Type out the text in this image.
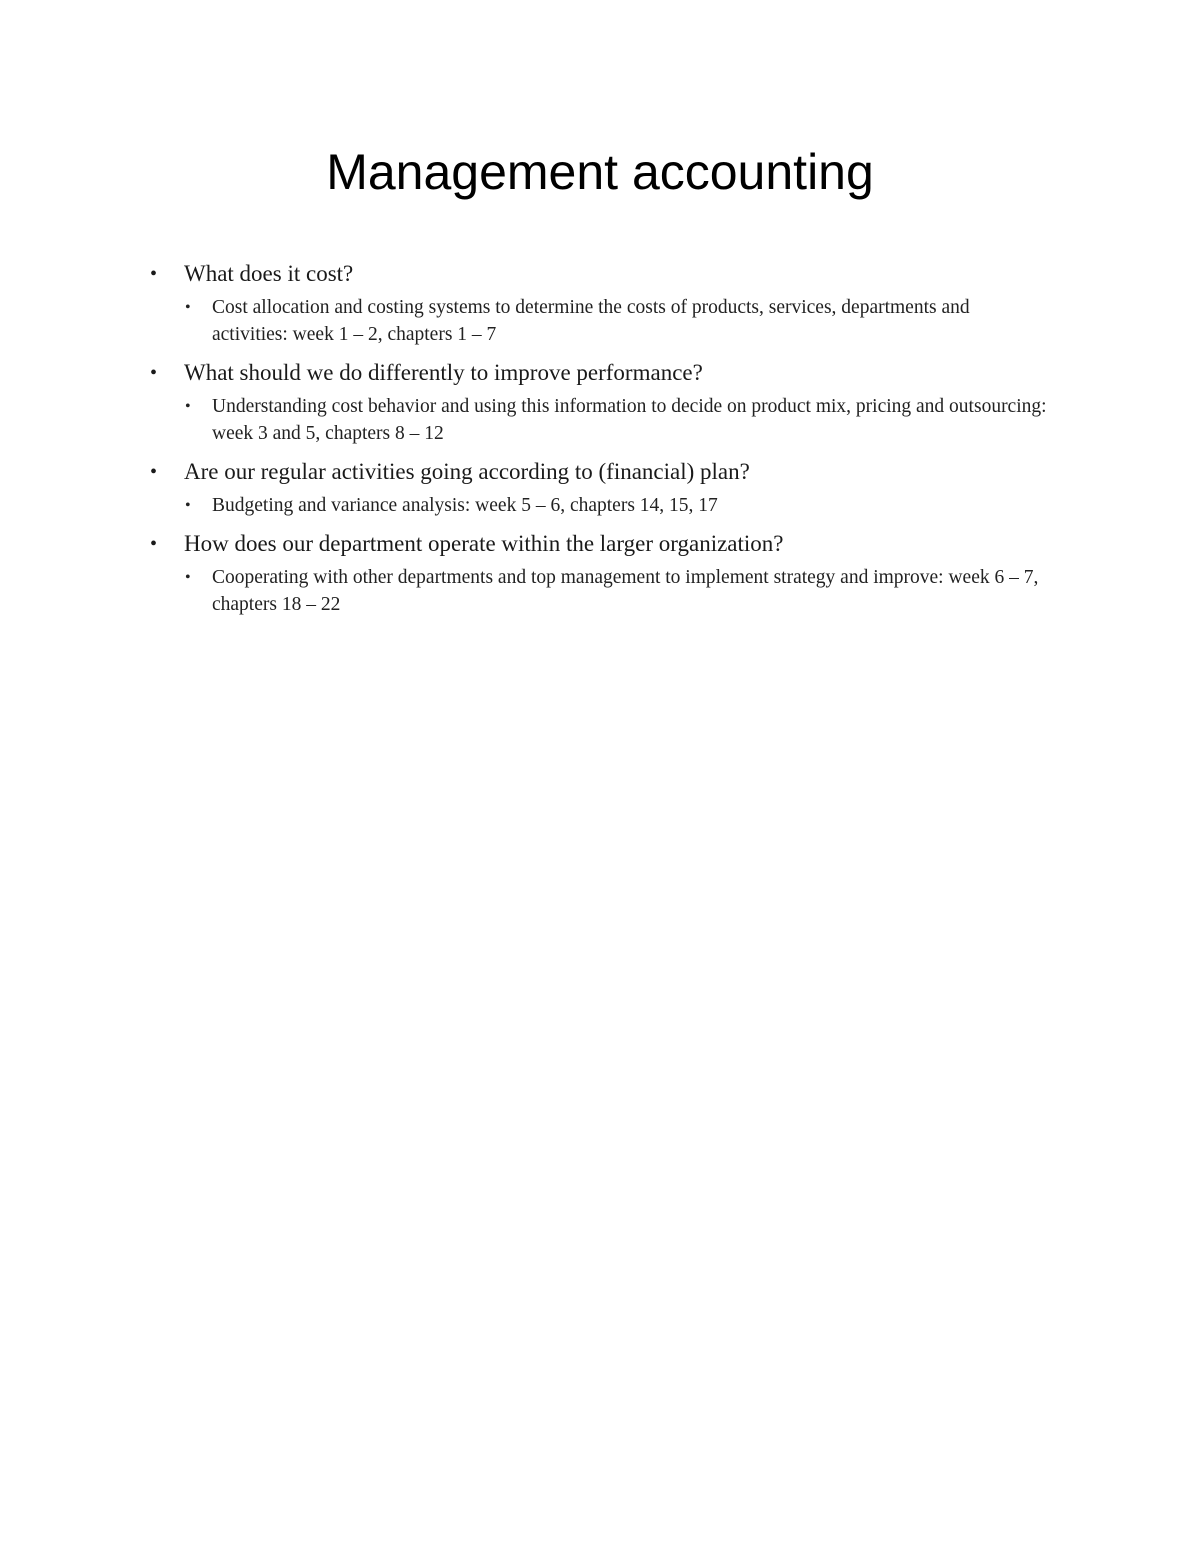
Management accounting
• What does it cost?
• Cost allocation and costing systems to determine the costs of products, services, departments and activities: week 1 – 2, chapters 1 – 7
• What should we do differently to improve performance?
• Understanding cost behavior and using this information to decide on product mix, pricing and outsourcing: week 3 and 5, chapters 8 – 12
• Are our regular activities going according to (financial) plan?
• Budgeting and variance analysis: week 5 – 6, chapters 14, 15, 17
• How does our department operate within the larger organization?
• Cooperating with other departments and top management to implement strategy and improve: week 6 – 7, chapters 18 – 22
